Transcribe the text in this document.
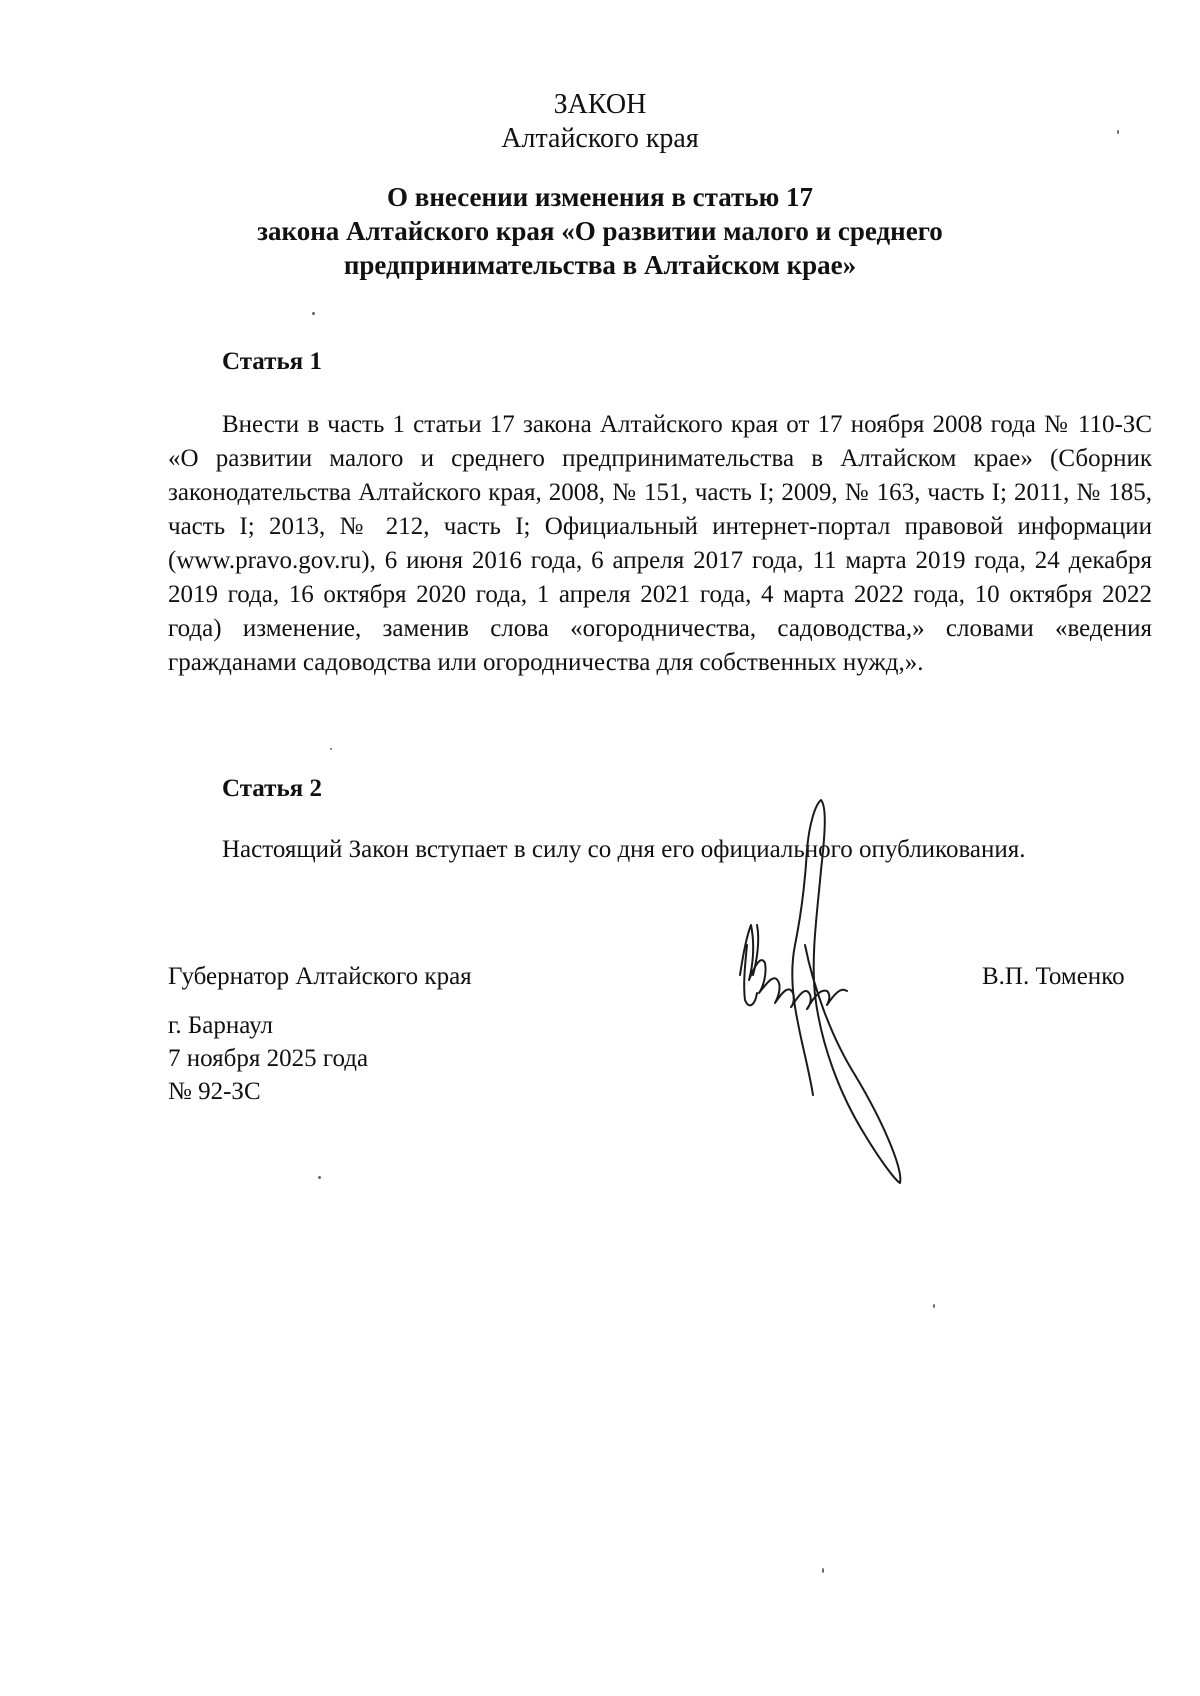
ЗАКОН
Алтайского края
О внесении изменения в статью 17
закона Алтайского края «О развитии малого и среднего
предпринимательства в Алтайском крае»
Статья 1
Внести в часть 1 статьи 17 закона Алтайского края от 17 ноября 2008 года № 110-ЗС «О развитии малого и среднего предпринимательства в Алтайском крае» (Сборник законодательства Алтайского края, 2008, № 151, часть I; 2009, № 163, часть I; 2011, № 185, часть I; 2013, № 212, часть I; Официальный интернет-портал правовой информации (www.pravo.gov.ru), 6 июня 2016 года, 6 апреля 2017 года, 11 марта 2019 года, 24 декабря 2019 года, 16 октября 2020 года, 1 апреля 2021 года, 4 марта 2022 года, 10 октября 2022 года) изменение, заменив слова «огородничества, садоводства,» словами «ведения гражданами садоводства или огородничества для собственных нужд,».
Статья 2
Настоящий Закон вступает в силу со дня его официального опубликования.
Губернатор Алтайского края	В.П. Томенко
г. Барнаул
7 ноября 2025 года
№ 92-ЗС
